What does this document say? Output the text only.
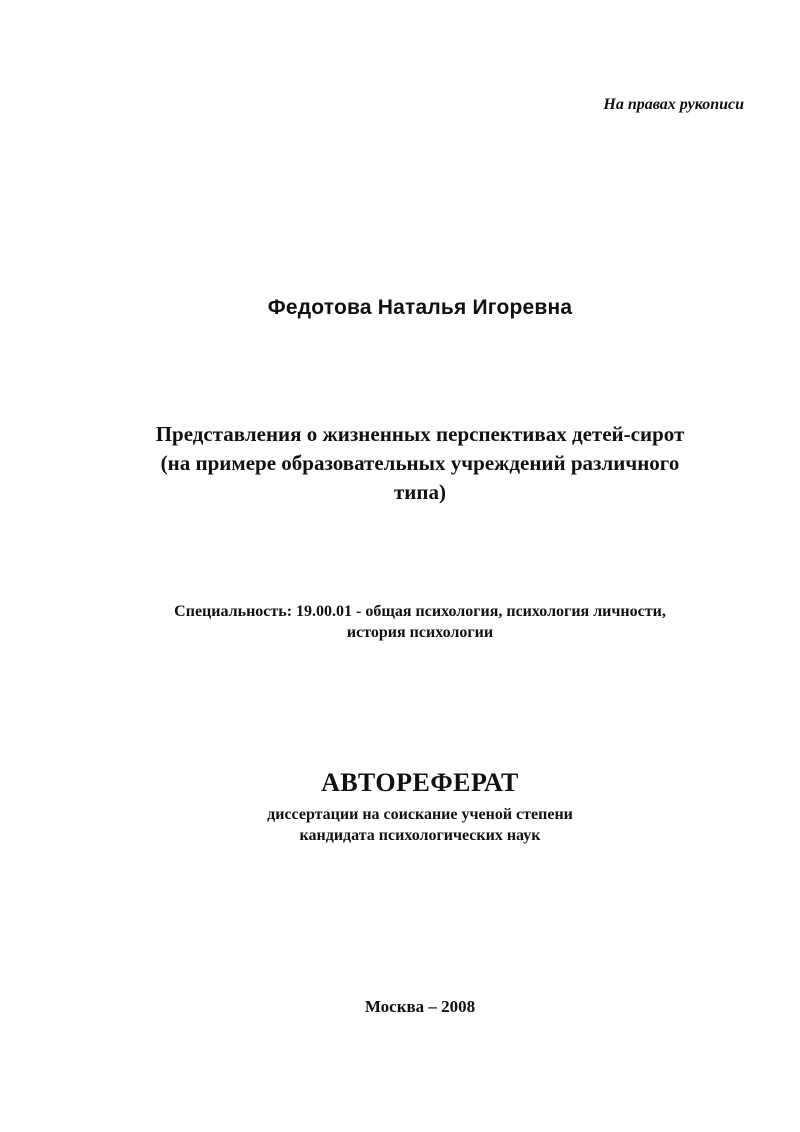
На правах рукописи
Федотова Наталья Игоревна
Представления о жизненных перспективах детей-сирот
(на примере образовательных учреждений различного
типа)
Специальность: 19.00.01 - общая психология, психология личности,
история психологии
АВТОРЕФЕРАТ
диссертации на соискание ученой степени
кандидата психологических наук
Москва – 2008
